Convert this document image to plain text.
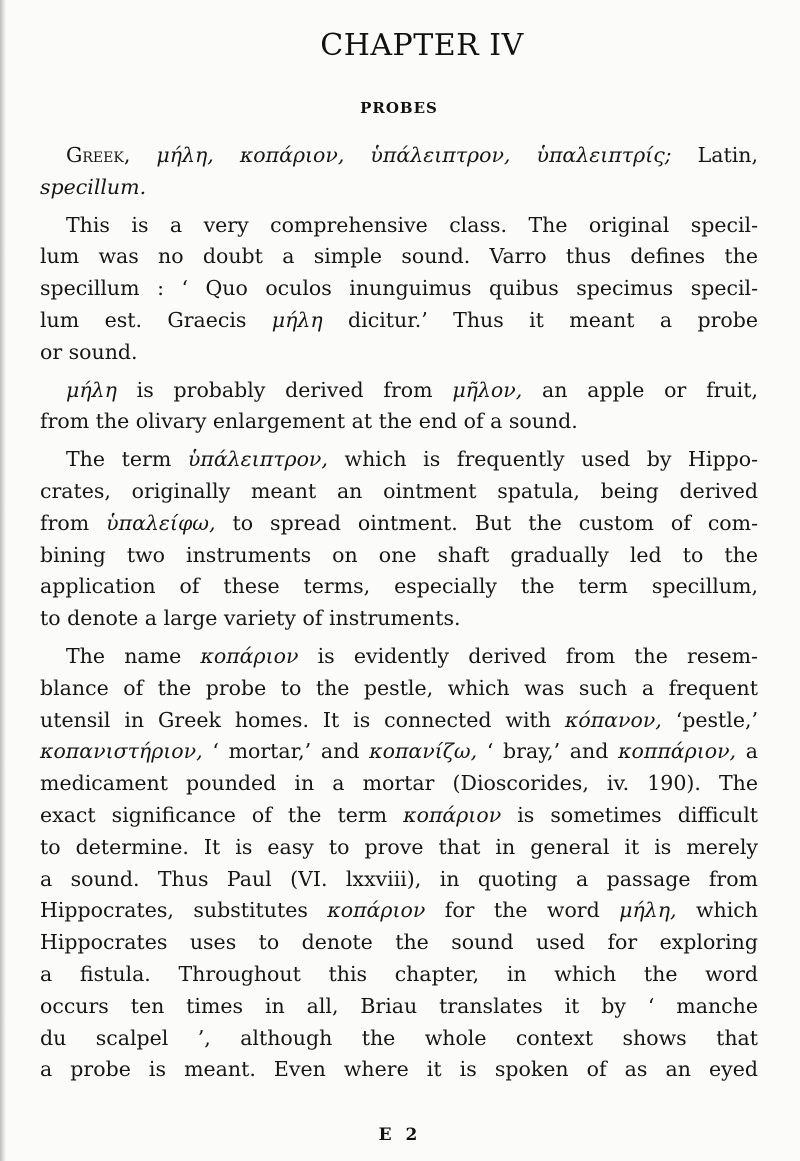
CHAPTER IV
PROBES

Greek, μήλη, κοπάριον, ὑπάλειπτρον, ὑπαλειπτρίς; Latin,
specillum.

This is a very comprehensive class. The original specil-
lum was no doubt a simple sound. Varro thus defines the
specillum : ‘ Quo oculos inunguimus quibus specimus specil-
lum est. Graecis μήλη dicitur.’ Thus it meant a probe
or sound.

μήλη is probably derived from μῆλον, an apple or fruit,
from the olivary enlargement at the end of a sound.

The term ὑπάλειπτρον, which is frequently used by Hippo-
crates, originally meant an ointment spatula, being derived
from ὑπαλείφω, to spread ointment. But the custom of com-
bining two instruments on one shaft gradually led to the
application of these terms, especially the term specillum,
to denote a large variety of instruments.

The name κοπάριον is evidently derived from the resem-
blance of the probe to the pestle, which was such a frequent
utensil in Greek homes. It is connected with κόπανον, ‘pestle,’
κοπανιστήριον, ‘ mortar,’ and κοπανίζω, ‘ bray,’ and κοππάριον, a
medicament pounded in a mortar (Dioscorides, iv. 190). The
exact significance of the term κοπάριον is sometimes difficult
to determine. It is easy to prove that in general it is merely
a sound. Thus Paul (VI. lxxviii), in quoting a passage from
Hippocrates, substitutes κοπάριον for the word μήλη, which
Hippocrates uses to denote the sound used for exploring
a fistula. Throughout this chapter, in which the word
occurs ten times in all, Briau translates it by ‘ manche
du scalpel ’, although the whole context shows that
a probe is meant. Even where it is spoken of as an eyed

E 2
